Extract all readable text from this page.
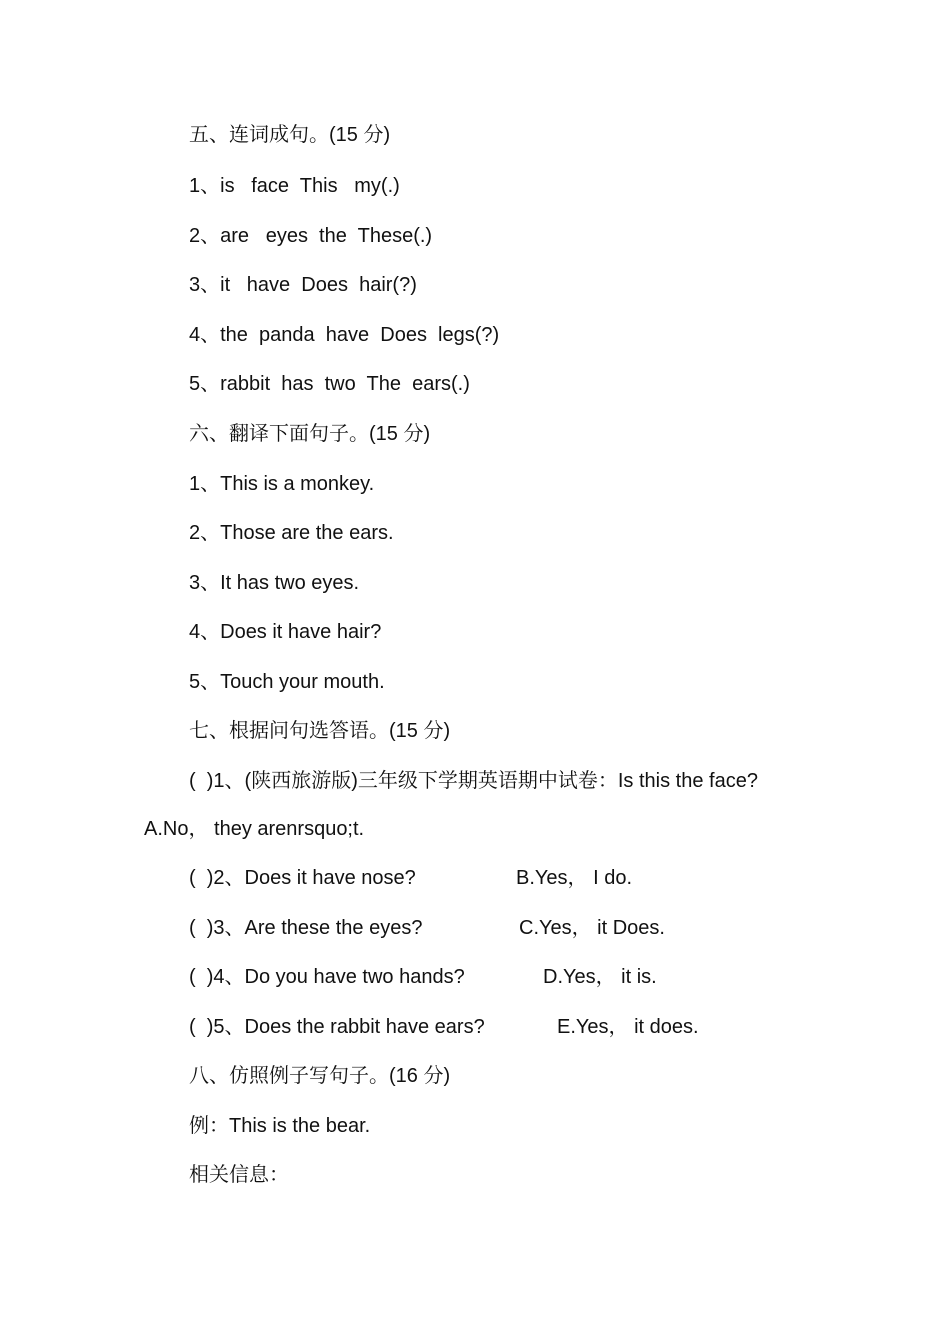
五、连词成句。(15 分)
1、is   face  This   my(.)
2、are   eyes  the  These(.)
3、it   have  Does  hair(?)
4、the  panda  have  Does  legs(?)
5、rabbit  has  two  The  ears(.)
六、翻译下面句子。(15 分)
1、This is a monkey.
2、Those are the ears.
3、It has two eyes.
4、Does it have hair?
5、Touch your mouth.
七、根据问句选答语。(15 分)
(  )1、(陕西旅游版)三年级下学期英语期中试卷：Is this the face?
A.No， they arenrsquo;t.
(  )2、Does it have nose?	B.Yes， I do.
(  )3、Are these the eyes?	C.Yes， it Does.
(  )4、Do you have two hands?	D.Yes， it is.
(  )5、Does the rabbit have ears?	E.Yes， it does.
八、仿照例子写句子。(16 分)
例：This is the bear.
相关信息：
